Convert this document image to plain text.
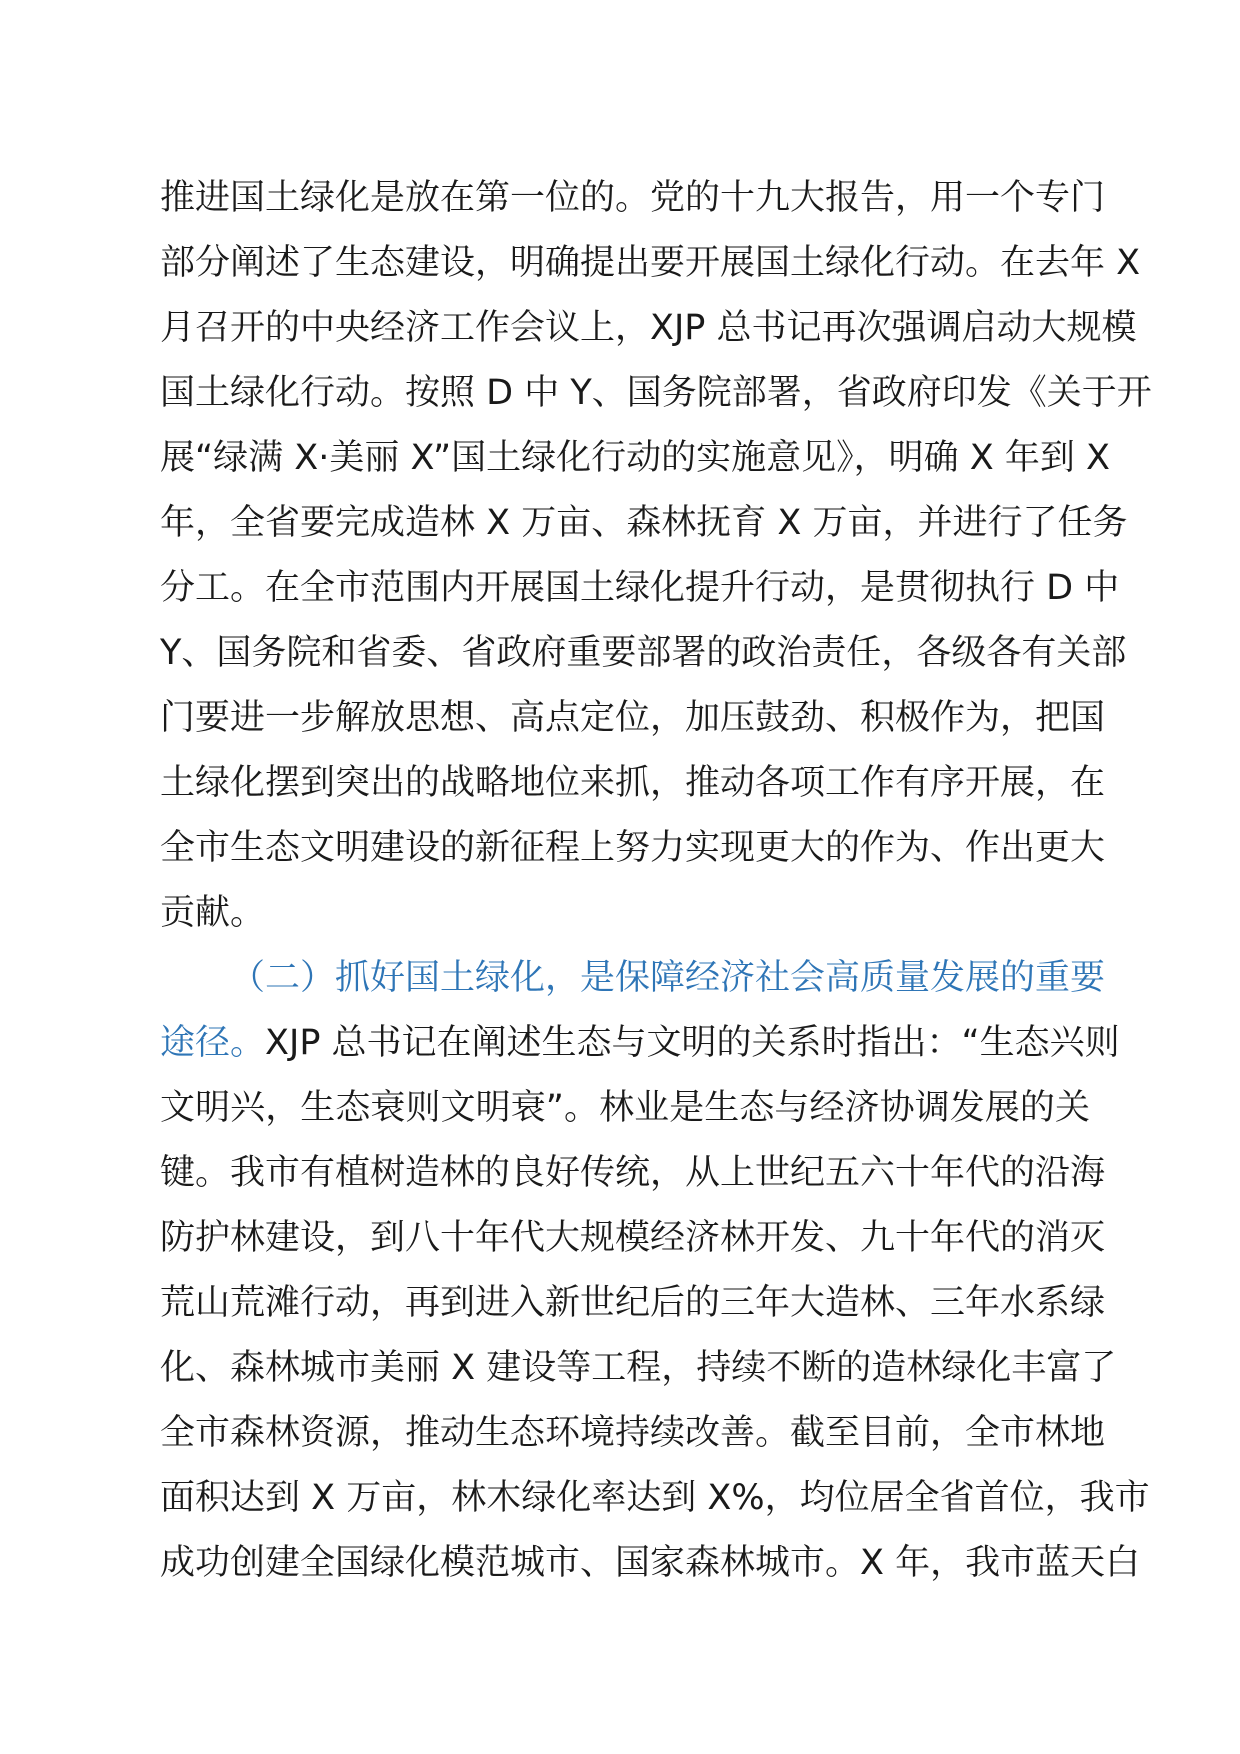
推进国土绿化是放在第一位的。党的十九大报告，用一个专门
部分阐述了生态建设，明确提出要开展国土绿化行动。在去年 X
月召开的中央经济工作会议上，XJP 总书记再次强调启动大规模
国土绿化行动。按照 D 中 Y、国务院部署，省政府印发《关于开
展“绿满 X·美丽 X”国土绿化行动的实施意见》，明确 X 年到 X
年，全省要完成造林 X 万亩、森林抚育 X 万亩，并进行了任务
分工。在全市范围内开展国土绿化提升行动，是贯彻执行 D 中
Y、国务院和省委、省政府重要部署的政治责任，各级各有关部
门要进一步解放思想、高点定位，加压鼓劲、积极作为，把国
土绿化摆到突出的战略地位来抓，推动各项工作有序开展，在
全市生态文明建设的新征程上努力实现更大的作为、作出更大
贡献。
（二）抓好国土绿化，是保障经济社会高质量发展的重要
途径。XJP 总书记在阐述生态与文明的关系时指出：“生态兴则
文明兴，生态衰则文明衰”。林业是生态与经济协调发展的关
键。我市有植树造林的良好传统，从上世纪五六十年代的沿海
防护林建设，到八十年代大规模经济林开发、九十年代的消灭
荒山荒滩行动，再到进入新世纪后的三年大造林、三年水系绿
化、森林城市美丽 X 建设等工程，持续不断的造林绿化丰富了
全市森林资源，推动生态环境持续改善。截至目前，全市林地
面积达到 X 万亩，林木绿化率达到 X%，均位居全省首位，我市
成功创建全国绿化模范城市、国家森林城市。X 年，我市蓝天白
